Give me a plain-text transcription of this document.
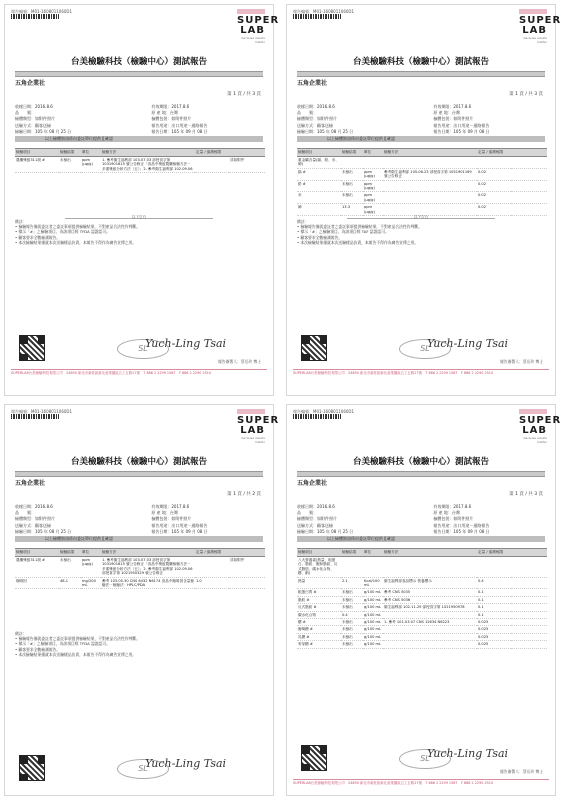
報告編號：M01-1608011060D1
SUPER
LAB
because results matter
台美檢驗科技（檢驗中心）測試報告
五角企業社
第 1 頁 / 共 3 頁
收樣日期：2016.8.6	有效期限：2017.8.6
品　　號：	原 產 地：台灣
檢體類型：如附件照片	檢體包裝：如附件照片
送驗方式：顧客送檢	報告用途：出口用途－通路報告
檢驗日期：105 年 08 月 25 日	報告日期：105 年 09 月 08 日
以上檢體資訊係由委託單位提供且確認
檢驗項目	檢驗結果	單位	檢驗方法	定量 / 偵測極限	
農藥殘留311項 #	未檢出	ppm (μg/g)	1. 參考衛生福利部 103.07.03 部授食字第 1031901615 號公告修正「食品中殘留農藥檢驗方法－多重殘留分析方法（五）」2. 參考衛生福利部 102.09.06		詳如附件
以下空白
備註：
• 檢驗報告僅就委託者之委託事項提供檢驗結果，不對產品合法性作判斷。
• 標示「#」之檢驗項目，為該項目經 TFDA 認證認可。
• 顧客要求全數檢測報告。
• 本次檢驗結果僅就本次送驗樣品負責，本報告不得作為廣告宣傳之用。
SL
Yuch-Ling Tsai
報告簽署人：蔡岳玲 博士
SUPERLAB台美檢驗科技有限公司　24890 新北市新莊區新北產業園區五工五路27號　T 886 2 2299 1567　F 886 2 2290 2510
報告編號：M01-1608011060D1
SUPER
LAB
because results matter
台美檢驗科技（檢驗中心）測試報告
五角企業社
第 1 頁 / 共 3 頁
收樣日期：2016.8.6	有效期限：2017.8.6
品　　號：	原 產 地：台灣
檢體類型：如附件照片	檢體包裝：如附件照片
送驗方式：顧客送檢	報告用途：出口用途－通路報告
檢驗日期：105 年 08 月 25 日	報告日期：105 年 09 月 08 日
以上檢體資訊係由委託單位提供且確認
檢驗項目	檢驗結果	單位	檢驗方法	定量 / 偵測極限	
重金屬含量(鎘、鉛、汞、砷)					
鎘 #	未檢出	ppm (μg/g)	參考衛生福利部 105.06.23 部授食字第 1051901169 號公告修正	0.02	
鉛 #	未檢出	ppm (μg/g)		0.02	
汞	未檢出	ppm (μg/g)		0.02	
砷	13.3	ppm (μg/g)		0.02	
以下空白
備註：
• 檢驗報告僅就委託者之委託事項提供檢驗結果，不對產品合法性作判斷。
• 標示「#」之檢驗項目，為該項目經 TAF 認證認可。
• 顧客要求全數檢測報告。
• 本次檢驗結果僅就本次送驗樣品負責，本報告不得作為廣告宣傳之用。
SL
Yuch-Ling Tsai
報告簽署人：蔡岳玲 博士
SUPERLAB台美檢驗科技有限公司　24890 新北市新莊區新北產業園區五工五路27號　T 886 2 2299 1567　F 886 2 2290 2510
報告編號：M01-1608011060D1
SUPER
LAB
because results matter
台美檢驗科技（檢驗中心）測試報告
五角企業社
第 1 頁 / 共 2 頁
收樣日期：2016.8.6	有效期限：2017.8.6
品　　號：	原 產 地：台灣
檢體類型：如附件照片	檢體包裝：如附件照片
送驗方式：顧客送檢	報告用途：出口用途－通路報告
檢驗日期：105 年 08 月 25 日	報告日期：105 年 09 月 08 日
以上檢體資訊係由委託單位提供且確認
檢驗項目	檢驗結果	單位	檢驗方法	定量 / 偵測極限	
農藥殘留311項 #	未檢出	ppm (μg/g)	1. 參考衛生福利部 103.07.03 部授食字第 1031901615 號公告修正「食品中殘留農藥檢驗方法－多重殘留分析方法（五）」2. 參考衛生福利部 102.09.06 部授食字第 1021950329 號公告修正		詳如附件
咖啡因	48.1	mg/200 mL	參考 103.05.30 CNS 6432 N6174 食品中咖啡因含量檢驗法－檢驗法：HPLC/PDA	1.0	
備註：
• 檢驗報告僅就委託者之委託事項提供檢驗結果，不對產品合法性作判斷。
• 標示「#」之檢驗項目，為該項目經 TFDA 認證認可。
• 顧客要求全數檢測報告。
• 本次檢驗結果僅就本次送驗樣品負責，本報告不得作為廣告宣傳之用。
SL
Yuch-Ling Tsai
報告編號：M01-1608011060D1
SUPER
LAB
because results matter
台美檢驗科技（檢驗中心）測試報告
五角企業社
第 1 頁 / 共 3 頁
收樣日期：2016.8.6	有效期限：2017.8.6
品　　號：	原 產 地：台灣
檢體類型：如附件照片	檢體包裝：如附件照片
送驗方式：顧客送檢	報告用途：出口用途－通路報告
檢驗日期：105 年 08 月 25 日	報告日期：105 年 09 月 08 日
以上檢體資訊係由委託單位提供且確認
檢驗項目	檢驗結果	單位	檢驗方法	定量 / 偵測極限	
八大營養素(熱量、粗蛋白、脂肪、飽和脂肪、反式脂肪、碳水化合物、糖、鈉)					
熱量	2.1	Kcal/100 mL	衛生福利部食品標示 營養標示	0.4	
粗蛋白質 #	未檢出	g/100 mL	參考 CNS 5035	0.1	
脂肪 #	未檢出	g/100 mL	參考 CNS 5036	0.1	
反式脂肪 #	未檢出	g/100 mL	衛生福利部 102.11.29 部授食字第 1021950978	0.1	
碳水化合物	0.4	g/100 mL		0.1	
糖 #	未檢出	g/100 mL	1. 參考 101.03.07 CNS 12634 N6223	0.025	
葡萄糖 #	未檢出	g/100 mL		0.025	
乳糖 #	未檢出	g/100 mL		0.025	
麥芽糖 #	未檢出	g/100 mL		0.025	
SL
Yuch-Ling Tsai
報告簽署人：蔡岳玲 博士
SUPERLAB台美檢驗科技有限公司　24890 新北市新莊區新北產業園區五工五路27號　T 886 2 2299 1567　F 886 2 2290 2510
